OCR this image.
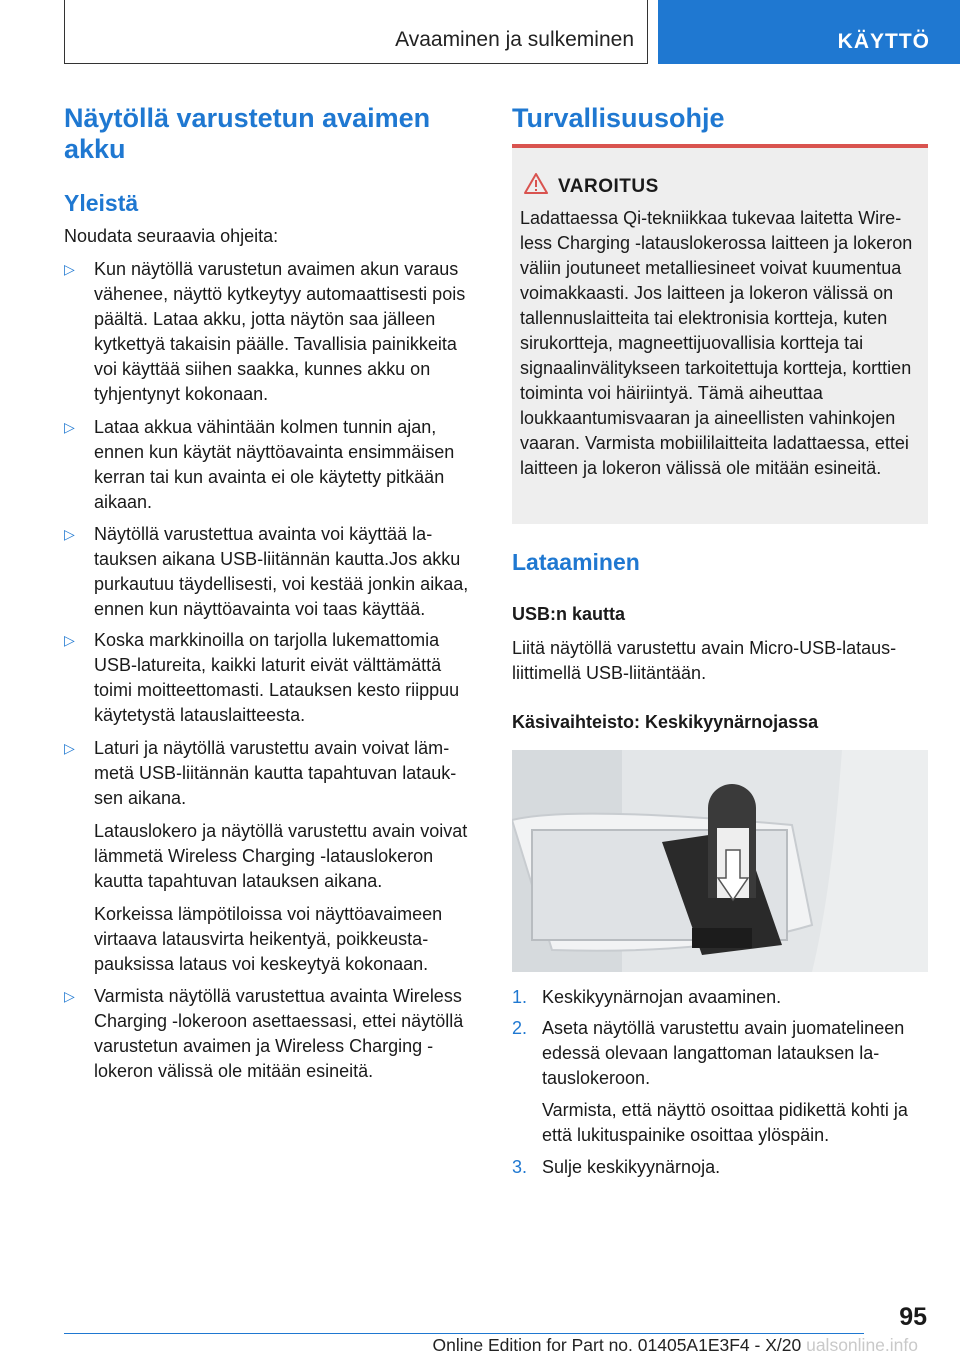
Avaaminen ja sulkeminen	KÄYTTÖ
Näytöllä varustetun avaimen akku
Yleistä
Noudata seuraavia ohjeita:
▷ Kun näytöllä varustetun avaimen akun varaus vähenee, näyttö kytkeytyy automaattisesti pois päältä. Lataa akku, jotta näytön saa jälleen kytkettyä takaisin päälle. Tavallisia painikkeita voi käyttää siihen saakka, kunnes akku on tyhjentynyt kokonaan.
▷ Lataa akkua vähintään kolmen tunnin ajan, ennen kun käytät näyttöavainta ensimmäisen kerran tai kun avainta ei ole käytetty pitkään aikaan.
▷ Näytöllä varustettua avainta voi käyttää latauksen aikana USB-liitännän kautta.Jos akku purkautuu täydellisesti, voi kestää jonkin aikaa, ennen kun näyttöavainta voi taas käyttää.
▷ Koska markkinoilla on tarjolla lukemattomia USB-latureita, kaikki laturit eivät välttämättä toimi moitteettomasti. Latauksen kesto riippuu käytetystä latauslaitteesta.
▷ Laturi ja näytöllä varustettu avain voivat lämmetä USB-liitännän kautta tapahtuvan latauksen aikana.
Latauslokero ja näytöllä varustettu avain voivat lämmetä Wireless Charging -latauslokeron kautta tapahtuvan latauksen aikana.
Korkeissa lämpötiloissa voi näyttöavaimeen virtaava latausvirta heikentyä, poikkeustapauksissa lataus voi keskeytyä kokonaan.
▷ Varmista näytöllä varustettua avainta Wireless Charging -lokeroon asettaessasi, ettei näytöllä varustetun avaimen ja Wireless Charging -lokeron välissä ole mitään esineitä.
Turvallisuusohje
VAROITUS
Ladattaessa Qi-tekniikkaa tukevaa laitetta Wireless Charging -latauslokerossa laitteen ja lokeron väliin joutuneet metalliesineet voivat kuumentua voimakkaasti. Jos laitteen ja lokeron välissä on tallennuslaitteita tai elektronisia kortteja, kuten sirukortteja, magneettijuovallisia kortteja tai signaalinvälitykseen tarkoitettuja kortteja, korttien toiminta voi häiriintyä. Tämä aiheuttaa loukkaantumisvaaran ja aineellisten vahinkojen vaaran. Varmista mobiililaitteita ladattaessa, ettei laitteen ja lokeron välissä ole mitään esineitä.
Lataaminen
USB:n kautta
Liitä näytöllä varustettu avain Micro-USB-latausliittimellä USB-liitäntään.
Käsivaihteisto: Keskikyynärnojassa
1. Keskikyynärnojan avaaminen.
2. Aseta näytöllä varustettu avain juomatelineen edessä olevaan langattoman latauksen latauslokeroon.
Varmista, että näyttö osoittaa pidikettä kohti ja että lukituspainike osoittaa ylöspäin.
3. Sulje keskikyynärnoja.
95
Online Edition for Part no. 01405A1E3F4 - X/20 ualsonline.info
